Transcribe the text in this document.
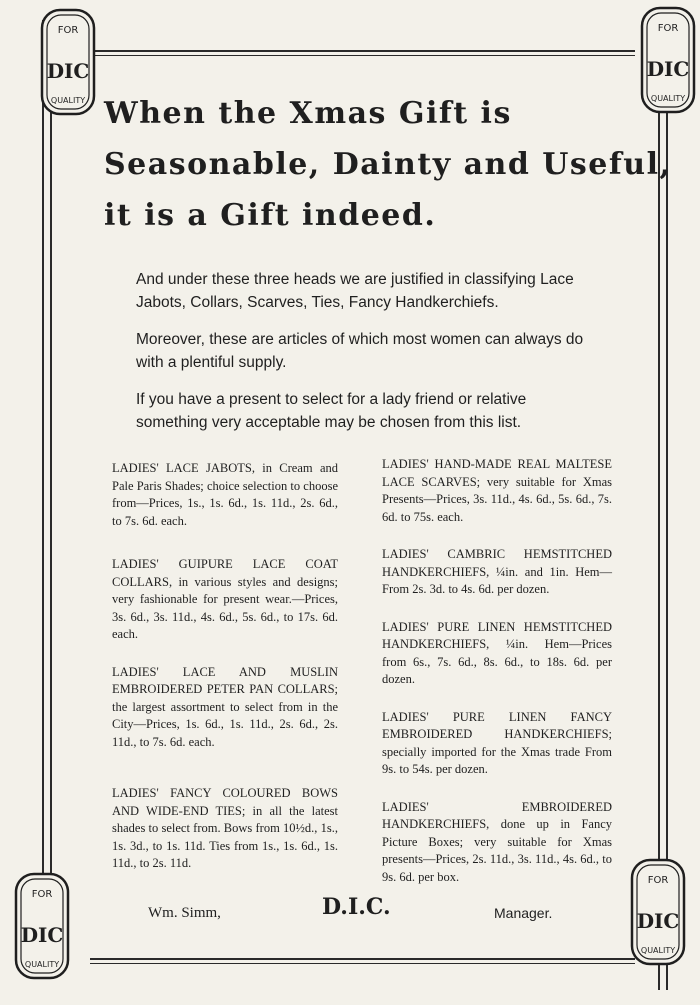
FOR
DIC
QUALITY
FOR
DIC
QUALITY
FOR
DIC
QUALITY
FOR
DIC
QUALITY
When the Xmas Gift is
Seasonable, Dainty and Useful,
it is a Gift indeed.

And under these three heads we are justified in classifying Lace Jabots, Collars, Scarves, Ties, Fancy Handkerchiefs.

Moreover, these are articles of which most women can always do with a plentiful supply.

If you have a present to select for a lady friend or relative something very acceptable may be chosen from this list.

LADIES' LACE JABOTS, in Cream and Pale Paris Shades; choice selection to choose from—Prices, 1s., 1s. 6d., 1s. 11d., 2s. 6d., to 7s. 6d. each.

LADIES' GUIPURE LACE COAT COLLARS, in various styles and designs; very fashionable for present wear.—Prices, 3s. 6d., 3s. 11d., 4s. 6d., 5s. 6d., to 17s. 6d. each.

LADIES' LACE AND MUSLIN EMBROIDERED PETER PAN COLLARS; the largest assortment to select from in the City—Prices, 1s. 6d., 1s. 11d., 2s. 6d., 2s. 11d., to 7s. 6d. each.

LADIES' FANCY COLOURED BOWS AND WIDE-END TIES; in all the latest shades to select from. Bows from 10½d., 1s., 1s. 3d., to 1s. 11d. Ties from 1s., 1s. 6d., 1s. 11d., to 2s. 11d.

LADIES' HAND-MADE REAL MALTESE LACE SCARVES; very suitable for Xmas Presents—Prices, 3s. 11d., 4s. 6d., 5s. 6d., 7s. 6d. to 75s. each.

LADIES' CAMBRIC HEMSTITCHED HANDKERCHIEFS, ¼in. and 1in. Hem—From 2s. 3d. to 4s. 6d. per dozen.

LADIES' PURE LINEN HEMSTITCHED HANDKERCHIEFS, ¼in. Hem—Prices from 6s., 7s. 6d., 8s. 6d., to 18s. 6d. per dozen.

LADIES' PURE LINEN FANCY EMBROIDERED HANDKERCHIEFS; specially imported for the Xmas trade From 9s. to 54s. per dozen.

LADIES' EMBROIDERED HANDKERCHIEFS, done up in Fancy Picture Boxes; very suitable for Xmas presents—Prices, 2s. 11d., 3s. 11d., 4s. 6d., to 9s. 6d. per box.

Wm. Simm,	D.I.C.	Manager.
